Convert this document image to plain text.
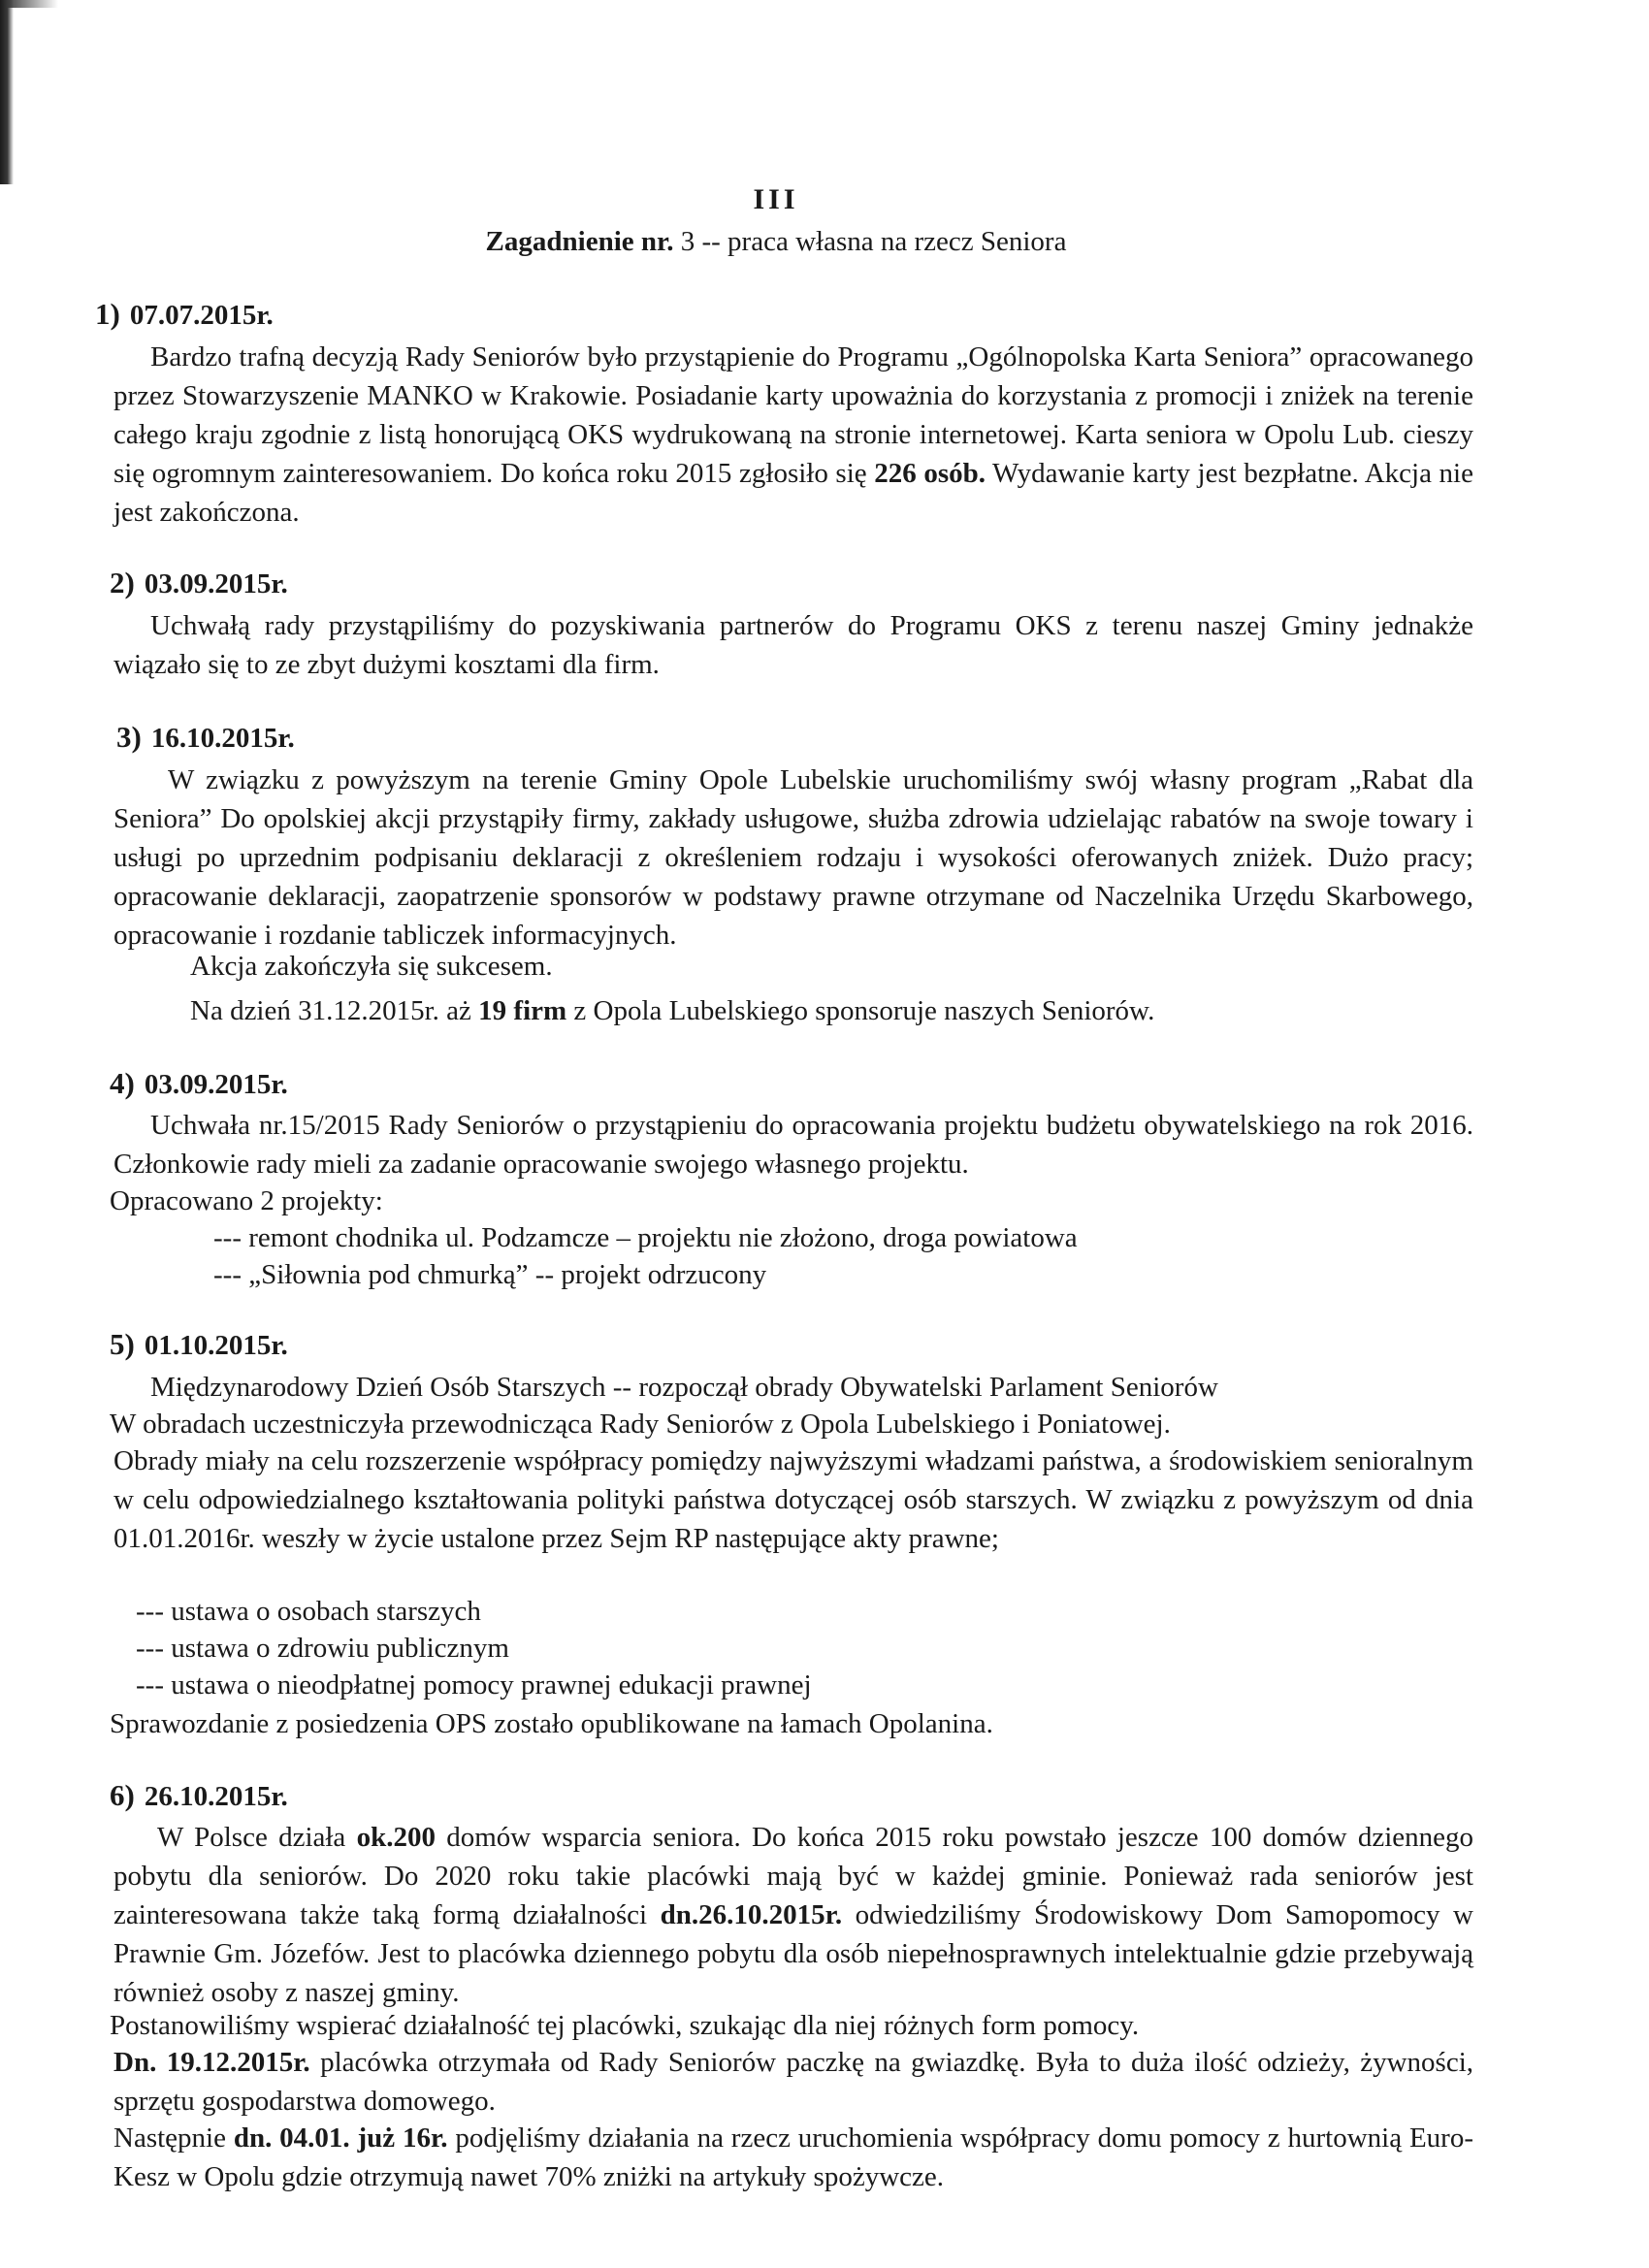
III
Zagadnienie nr. 3 -- praca własna na rzecz Seniora
1) 07.07.2015r.
Bardzo trafną decyzją Rady Seniorów było przystąpienie do Programu „Ogólnopolska Karta Seniora” opracowanego przez Stowarzyszenie MANKO w Krakowie. Posiadanie karty upoważnia do korzystania z promocji i zniżek na terenie całego kraju zgodnie z listą honorującą OKS wydrukowaną na stronie internetowej. Karta seniora w Opolu Lub. cieszy się ogromnym zainteresowaniem. Do końca roku 2015 zgłosiło się 226 osób. Wydawanie karty jest bezpłatne. Akcja nie jest zakończona.
2) 03.09.2015r.
Uchwałą rady przystąpiliśmy do pozyskiwania partnerów do Programu OKS z terenu naszej Gminy jednakże wiązało się to ze zbyt dużymi kosztami dla firm.
3) 16.10.2015r.
W związku z powyższym na terenie Gminy Opole Lubelskie uruchomiliśmy swój własny program „Rabat dla Seniora” Do opolskiej akcji przystąpiły firmy, zakłady usługowe, służba zdrowia udzielając rabatów na swoje towary i usługi po uprzednim podpisaniu deklaracji z określeniem rodzaju i wysokości oferowanych zniżek. Dużo pracy; opracowanie deklaracji, zaopatrzenie sponsorów w podstawy prawne otrzymane od Naczelnika Urzędu Skarbowego, opracowanie i rozdanie tabliczek informacyjnych.
Akcja zakończyła się sukcesem.
Na dzień 31.12.2015r. aż 19 firm z Opola Lubelskiego sponsoruje naszych Seniorów.
4) 03.09.2015r.
Uchwała nr.15/2015 Rady Seniorów o przystąpieniu do opracowania projektu budżetu obywatelskiego na rok 2016. Członkowie rady mieli za zadanie opracowanie swojego własnego projektu.
Opracowano 2 projekty:
--- remont chodnika ul. Podzamcze – projektu nie złożono, droga powiatowa
--- „Siłownia pod chmurką” -- projekt odrzucony
5) 01.10.2015r.
Międzynarodowy Dzień Osób Starszych -- rozpoczął obrady Obywatelski Parlament Seniorów
W obradach uczestniczyła przewodnicząca Rady Seniorów z Opola Lubelskiego i Poniatowej.
Obrady miały na celu rozszerzenie współpracy pomiędzy najwyższymi władzami państwa, a środowiskiem senioralnym w celu odpowiedzialnego kształtowania polityki państwa dotyczącej osób starszych. W związku z powyższym od dnia 01.01.2016r. weszły w życie ustalone przez Sejm RP następujące akty prawne;
--- ustawa o osobach starszych
--- ustawa o zdrowiu publicznym
--- ustawa o nieodpłatnej pomocy prawnej edukacji prawnej
Sprawozdanie z posiedzenia OPS zostało opublikowane na łamach Opolanina.
6) 26.10.2015r.
W Polsce działa ok.200 domów wsparcia seniora. Do końca 2015 roku powstało jeszcze 100 domów dziennego pobytu dla seniorów. Do 2020 roku takie placówki mają być w każdej gminie. Ponieważ rada seniorów jest zainteresowana także taką formą działalności dn.26.10.2015r. odwiedziliśmy Środowiskowy Dom Samopomocy w Prawnie Gm. Józefów. Jest to placówka dziennego pobytu dla osób niepełnosprawnych intelektualnie gdzie przebywają również osoby z naszej gminy.
Postanowiliśmy wspierać działalność tej placówki, szukając dla niej różnych form pomocy.
Dn. 19.12.2015r. placówka otrzymała od Rady Seniorów paczkę na gwiazdkę. Była to duża ilość odzieży, żywności, sprzętu gospodarstwa domowego.
Następnie dn. 04.01. już 16r. podjęliśmy działania na rzecz uruchomienia współpracy domu pomocy z hurtownią Euro-Kesz w Opolu gdzie otrzymują nawet 70% zniżki na artykuły spożywcze.
